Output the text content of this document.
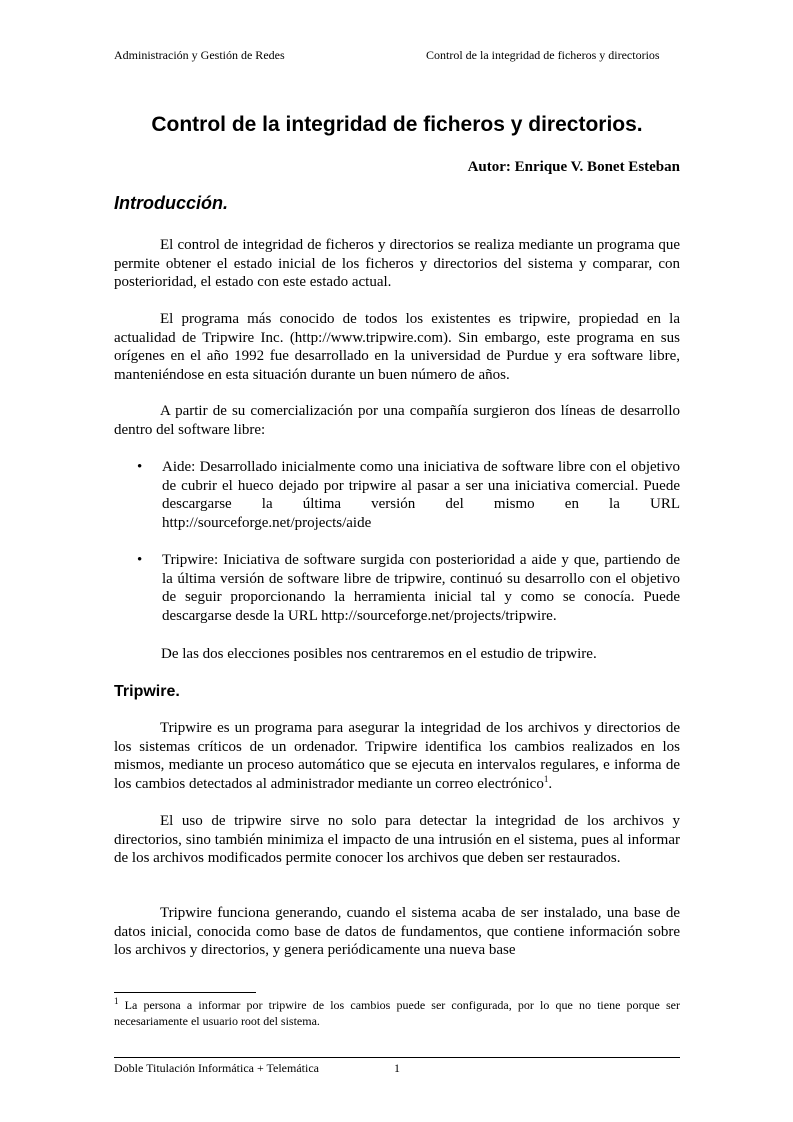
Administración y Gestión de Redes	Control de la integridad de ficheros y directorios
Control de la integridad de ficheros y directorios.
Autor: Enrique V. Bonet Esteban
Introducción.

El control de integridad de ficheros y directorios se realiza mediante un programa que permite obtener el estado inicial de los ficheros y directorios del sistema y comparar, con posterioridad, el estado con este estado actual.

El programa más conocido de todos los existentes es tripwire, propiedad en la actualidad de Tripwire Inc. (http://www.tripwire.com). Sin embargo, este programa en sus orígenes en el año 1992 fue desarrollado en la universidad de Purdue y era software libre, manteniéndose en esta situación durante un buen número de años.

A partir de su comercialización por una compañía surgieron dos líneas de desarrollo dentro del software libre:

• Aide: Desarrollado inicialmente como una iniciativa de software libre con el objetivo de cubrir el hueco dejado por tripwire al pasar a ser una iniciativa comercial. Puede descargarse la última versión del mismo en la URL http://sourceforge.net/projects/aide

• Tripwire: Iniciativa de software surgida con posterioridad a aide y que, partiendo de la última versión de software libre de tripwire, continuó su desarrollo con el objetivo de seguir proporcionando la herramienta inicial tal y como se conocía. Puede descargarse desde la URL http://sourceforge.net/projects/tripwire.

De las dos elecciones posibles nos centraremos en el estudio de tripwire.
Tripwire.

Tripwire es un programa para asegurar la integridad de los archivos y directorios de los sistemas críticos de un ordenador. Tripwire identifica los cambios realizados en los mismos, mediante un proceso automático que se ejecuta en intervalos regulares, e informa de los cambios detectados al administrador mediante un correo electrónico$^1$.

El uso de tripwire sirve no solo para detectar la integridad de los archivos y directorios, sino también minimiza el impacto de una intrusión en el sistema, pues al informar de los archivos modificados permite conocer los archivos que deben ser restaurados.

Tripwire funciona generando, cuando el sistema acaba de ser instalado, una base de datos inicial, conocida como base de datos de fundamentos, que contiene información sobre los archivos y directorios, y genera periódicamente una nueva base

$^1$ La persona a informar por tripwire de los cambios puede ser configurada, por lo que no tiene porque ser necesariamente el usuario root del sistema.

Doble Titulación Informática + Telemática	1
